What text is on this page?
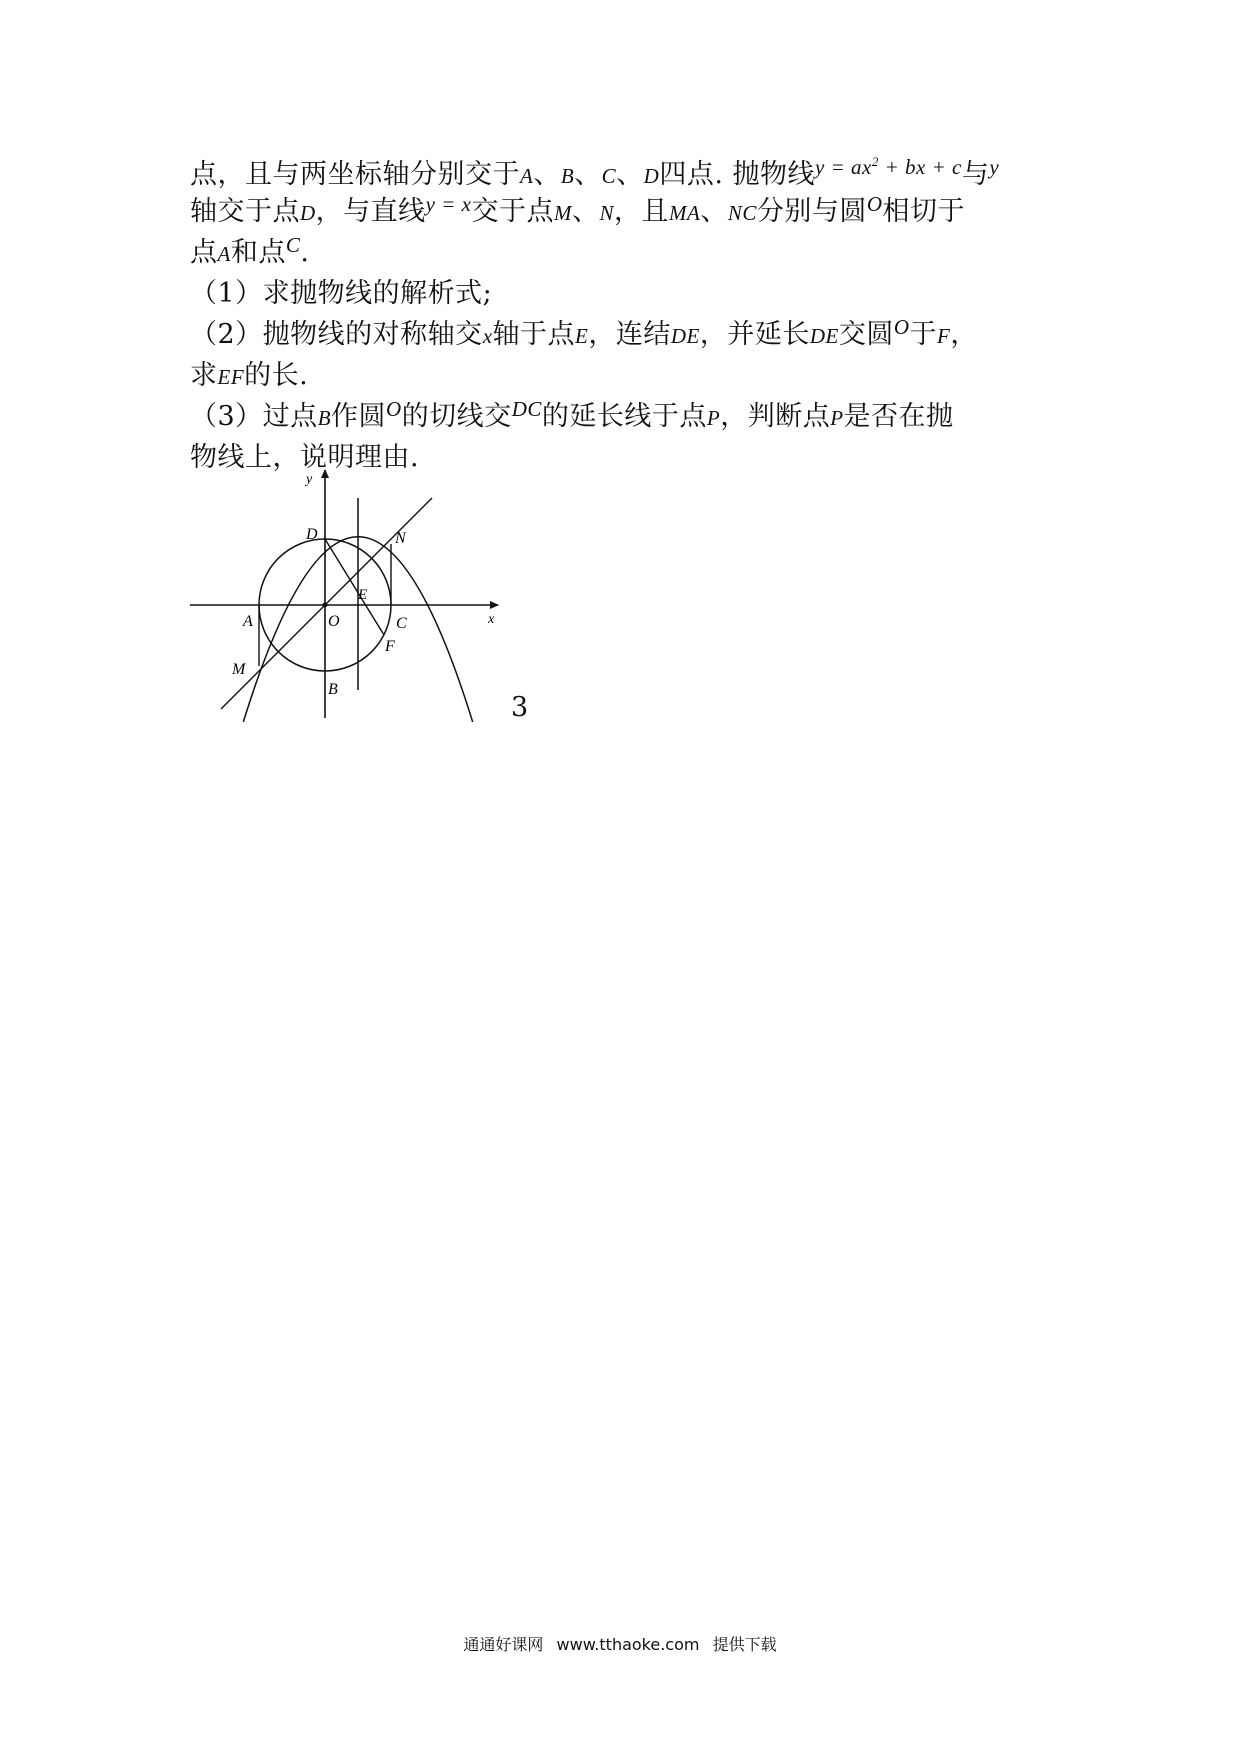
点，且与两坐标轴分别交于A、B、C、D四点. 抛物线$^{y = ax^2 + bx + c}$与$^y$
轴交于点D，与直线$^{y = x}$交于点M、N，且MA、NC分别与圆$^O$相切于
点A和点$^C$.
（1）求抛物线的解析式;
（2）抛物线的对称轴交x轴于点E，连结DE，并延长DE交圆$^O$于F，
求EF的长.
（3）过点B作圆$^O$的切线交$^{DC}$的延长线于点P，判断点P是否在抛
物线上，说明理由.
y
x
D	N
E
A	O	C
F
M
B
3
通通好课网 www.tthaoke.com 提供下载
